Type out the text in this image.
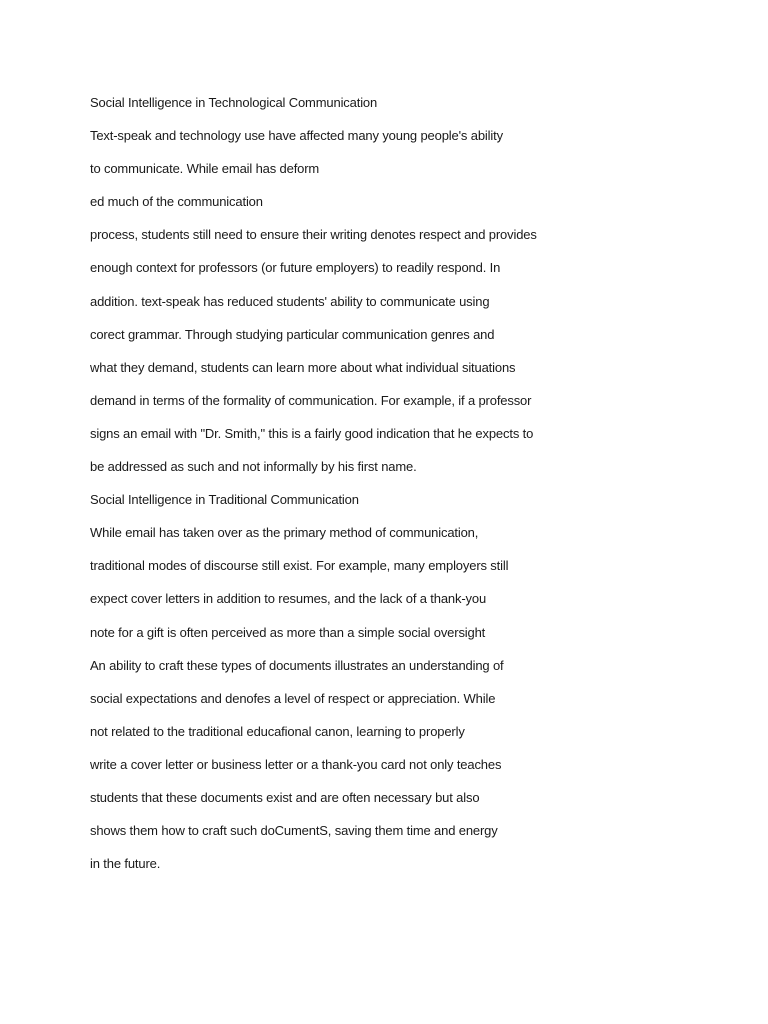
Social Intelligence in Technological Communication
Text-speak and technology use have affected many young people's ability
to communicate. While email has deform
ed much of the communication
process, students still need to ensure their writing denotes respect and provides
enough context for professors (or future employers) to readily respond. In
addition. text-speak has reduced students' ability to communicate using
corect grammar. Through studying particular communication genres and
what they demand, students can learn more about what individual situations
demand in terms of the formality of communication. For example, if a professor
signs an email with "Dr. Smith," this is a fairly good indication that he expects to
be addressed as such and not informally by his first name.
Social Intelligence in Traditional Communication
While email has taken over as the primary method of communication,
traditional modes of discourse still exist. For example, many employers still
expect cover letters in addition to resumes, and the lack of a thank-you
note for a gift is often perceived as more than a simple social oversight
An ability to craft these types of documents illustrates an understanding of
social expectations and denofes a level of respect or appreciation. While
not related to the traditional educafional canon, learning to properly
write a cover letter or business letter or a thank-you card not only teaches
students that these documents exist and are often necessary but also
shows them how to craft such doCumentS, saving them time and energy
in the future.
